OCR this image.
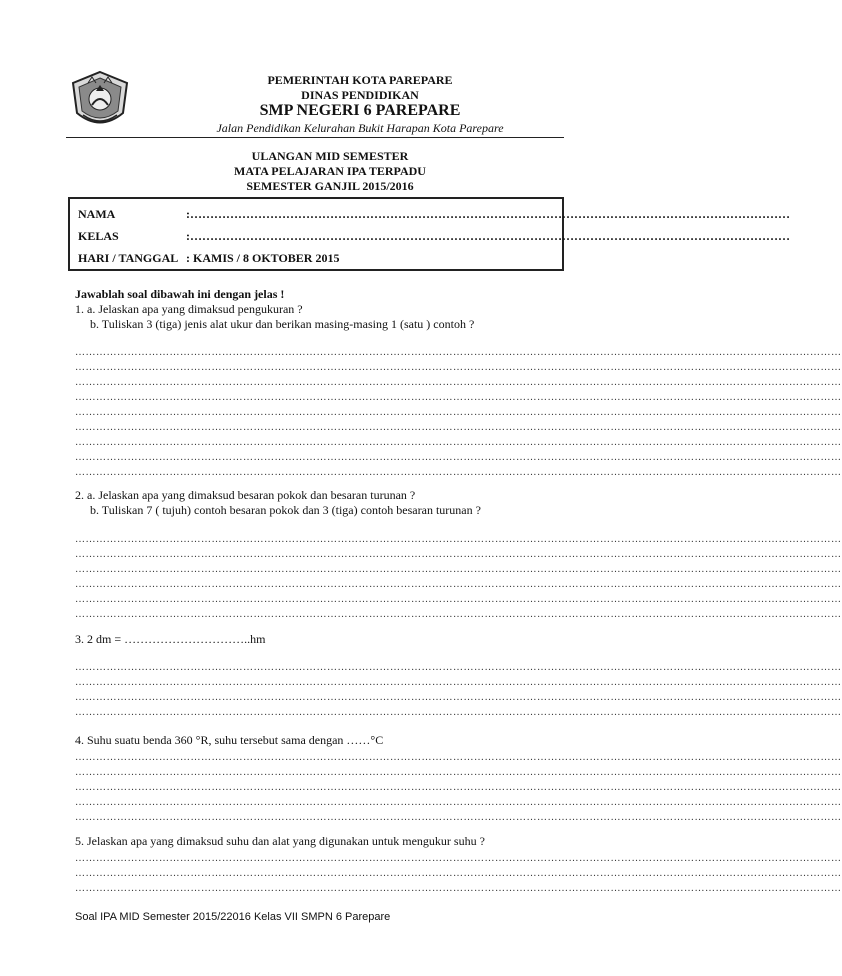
PEMERINTAH KOTA PAREPARE
DINAS PENDIDIKAN
SMP NEGERI 6 PAREPARE
Jalan Pendidikan Kelurahan Bukit Harapan Kota Parepare
ULANGAN MID SEMESTER
MATA PELAJARAN IPA TERPADU
SEMESTER GANJIL 2015/2016
NAMA	:……………………………………………………………………………………………………………………………………
KELAS	:……………………………………………………………………………………………………………………………………
HARI / TANGGAL : KAMIS / 8 OKTOBER 2015
Jawablah soal dibawah ini dengan jelas !
1. a. Jelaskan apa yang dimaksud pengukuran ?
b. Tuliskan 3 (tiga) jenis alat ukur dan berikan masing-masing 1 (satu ) contoh ?
…………………………………………………………………………………………………………………………………………………………………………………………………
…………………………………………………………………………………………………………………………………………………………………………………………………
…………………………………………………………………………………………………………………………………………………………………………………………………
…………………………………………………………………………………………………………………………………………………………………………………………………
…………………………………………………………………………………………………………………………………………………………………………………………………
…………………………………………………………………………………………………………………………………………………………………………………………………
…………………………………………………………………………………………………………………………………………………………………………………………………
…………………………………………………………………………………………………………………………………………………………………………………………………
…………………………………………………………………………………………………………………………………………………………………………………………………
2. a. Jelaskan apa yang dimaksud besaran pokok dan besaran turunan ?
b. Tuliskan 7 ( tujuh) contoh besaran pokok dan 3 (tiga) contoh besaran turunan ?
…………………………………………………………………………………………………………………………………………………………………………………………………
…………………………………………………………………………………………………………………………………………………………………………………………………
…………………………………………………………………………………………………………………………………………………………………………………………………
…………………………………………………………………………………………………………………………………………………………………………………………………
…………………………………………………………………………………………………………………………………………………………………………………………………
…………………………………………………………………………………………………………………………………………………………………………………………………
3. 2 dm = …………………………..hm
…………………………………………………………………………………………………………………………………………………………………………………………………
…………………………………………………………………………………………………………………………………………………………………………………………………
…………………………………………………………………………………………………………………………………………………………………………………………………
…………………………………………………………………………………………………………………………………………………………………………………………………
4. Suhu suatu benda 360 °R, suhu tersebut sama dengan ……°C
…………………………………………………………………………………………………………………………………………………………………………………………………
…………………………………………………………………………………………………………………………………………………………………………………………………
…………………………………………………………………………………………………………………………………………………………………………………………………
…………………………………………………………………………………………………………………………………………………………………………………………………
…………………………………………………………………………………………………………………………………………………………………………………………………
5. Jelaskan apa yang dimaksud suhu dan alat yang digunakan untuk mengukur suhu ?
…………………………………………………………………………………………………………………………………………………………………………………………………
…………………………………………………………………………………………………………………………………………………………………………………………………
…………………………………………………………………………………………………………………………………………………………………………………………………
Soal IPA MID Semester 2015/22016 Kelas VII SMPN 6 Parepare
